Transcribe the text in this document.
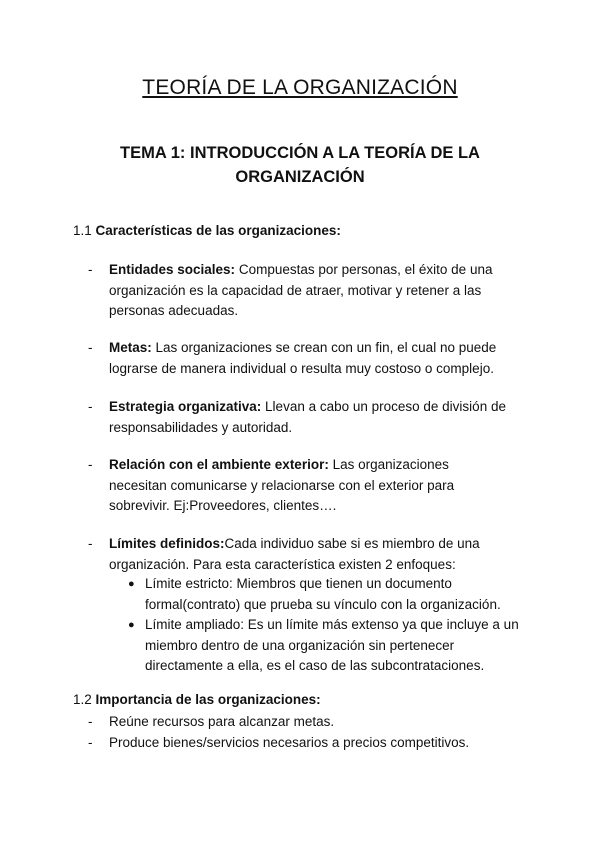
TEORÍA DE LA ORGANIZACIÓN
TEMA 1: INTRODUCCIÓN A LA TEORÍA DE LA ORGANIZACIÓN
1.1 Características de las organizaciones:
- Entidades sociales: Compuestas por personas, el éxito de una organización es la capacidad de atraer, motivar y retener a las personas adecuadas.
- Metas: Las organizaciones se crean con un fin, el cual no puede lograrse de manera individual o resulta muy costoso o complejo.
- Estrategia organizativa: Llevan a cabo un proceso de división de responsabilidades y autoridad.
- Relación con el ambiente exterior: Las organizaciones necesitan comunicarse y relacionarse con el exterior para sobrevivir. Ej:Proveedores, clientes….
- Límites definidos:Cada individuo sabe si es miembro de una organización. Para esta característica existen 2 enfoques:
● Límite estricto: Miembros que tienen un documento formal(contrato) que prueba su vínculo con la organización.
● Límite ampliado: Es un límite más extenso ya que incluye a un miembro dentro de una organización sin pertenecer directamente a ella, es el caso de las subcontrataciones.
1.2 Importancia de las organizaciones:
- Reúne recursos para alcanzar metas.
- Produce bienes/servicios necesarios a precios competitivos.
